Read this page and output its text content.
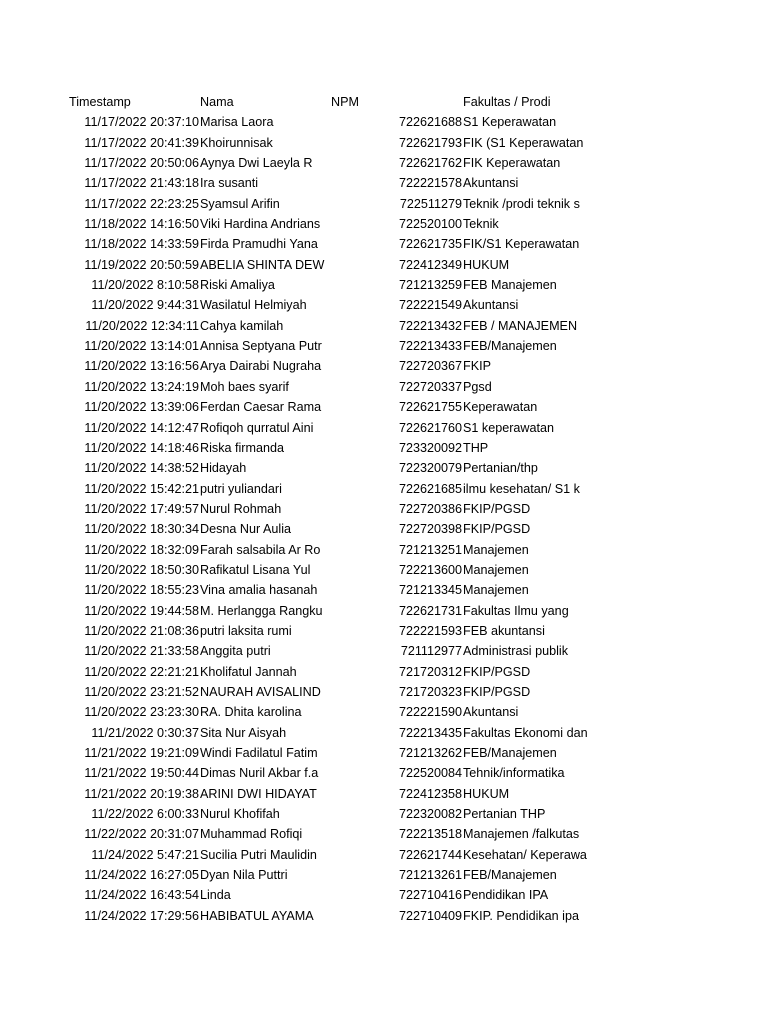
Timestamp	Nama	NPM	Fakultas / Prodi
11/17/2022 20:37:10 Marisa Laora	722621688 S1 Keperawatan
11/17/2022 20:41:39 Khoirunnisak	722621793 FIK (S1 Keperawatan
11/17/2022 20:50:06 Aynya Dwi Laeyla R	722621762 FIK Keperawatan
11/17/2022 21:43:18 Ira susanti	722221578 Akuntansi
11/17/2022 22:23:25 Syamsul Arifin	722511279 Teknik /prodi teknik s
11/18/2022 14:16:50 Viki Hardina Andrians	722520100 Teknik
11/18/2022 14:33:59 Firda Pramudhi Yana	722621735 FIK/S1 Keperawatan
11/19/2022 20:50:59 ABELIA SHINTA DEW	722412349 HUKUM
11/20/2022 8:10:58 Riski Amaliya	721213259 FEB Manajemen
11/20/2022 9:44:31 Wasilatul Helmiyah	722221549 Akuntansi
11/20/2022 12:34:11 Cahya kamilah	722213432 FEB / MANAJEMEN
11/20/2022 13:14:01 Annisa Septyana Putr	722213433 FEB/Manajemen
11/20/2022 13:16:56 Arya Dairabi Nugraha	722720367 FKIP
11/20/2022 13:24:19 Moh baes syarif	722720337 Pgsd
11/20/2022 13:39:06 Ferdan Caesar Rama	722621755 Keperawatan
11/20/2022 14:12:47 Rofiqoh qurratul Aini	722621760 S1 keperawatan
11/20/2022 14:18:46 Riska firmanda	723320092 THP
11/20/2022 14:38:52 Hidayah	722320079 Pertanian/thp
11/20/2022 15:42:21 putri yuliandari	722621685 ilmu kesehatan/ S1 k
11/20/2022 17:49:57 Nurul Rohmah	722720386 FKIP/PGSD
11/20/2022 18:30:34 Desna Nur Aulia	722720398 FKIP/PGSD
11/20/2022 18:32:09 Farah salsabila Ar Ro	721213251 Manajemen
11/20/2022 18:50:30 Rafikatul Lisana Yul	722213600 Manajemen
11/20/2022 18:55:23 Vina amalia hasanah	721213345 Manajemen
11/20/2022 19:44:58 M. Herlangga Rangku	722621731 Fakultas Ilmu yang
11/20/2022 21:08:36 putri laksita rumi	722221593 FEB akuntansi
11/20/2022 21:33:58 Anggita putri	721112977 Administrasi publik
11/20/2022 22:21:21 Kholifatul Jannah	721720312 FKIP/PGSD
11/20/2022 23:21:52 NAURAH AVISALIND	721720323 FKIP/PGSD
11/20/2022 23:23:30 RA. Dhita karolina	722221590 Akuntansi
11/21/2022 0:30:37 Sita Nur Aisyah	722213435 Fakultas Ekonomi dan
11/21/2022 19:21:09 Windi Fadilatul Fatim	721213262 FEB/Manajemen
11/21/2022 19:50:44 Dimas Nuril Akbar f.a	722520084 Tehnik/informatika
11/21/2022 20:19:38 ARINI DWI HIDAYAT	722412358 HUKUM
11/22/2022 6:00:33 Nurul Khofifah	722320082 Pertanian THP
11/22/2022 20:31:07 Muhammad Rofiqi	722213518 Manajemen /falkutas
11/24/2022 5:47:21 Sucilia Putri Maulidin	722621744 Kesehatan/ Keperawa
11/24/2022 16:27:05 Dyan Nila Puttri	721213261 FEB/Manajemen
11/24/2022 16:43:54 Linda	722710416 Pendidikan IPA
11/24/2022 17:29:56 HABIBATUL AYAMA	722710409 FKIP. Pendidikan ipa
